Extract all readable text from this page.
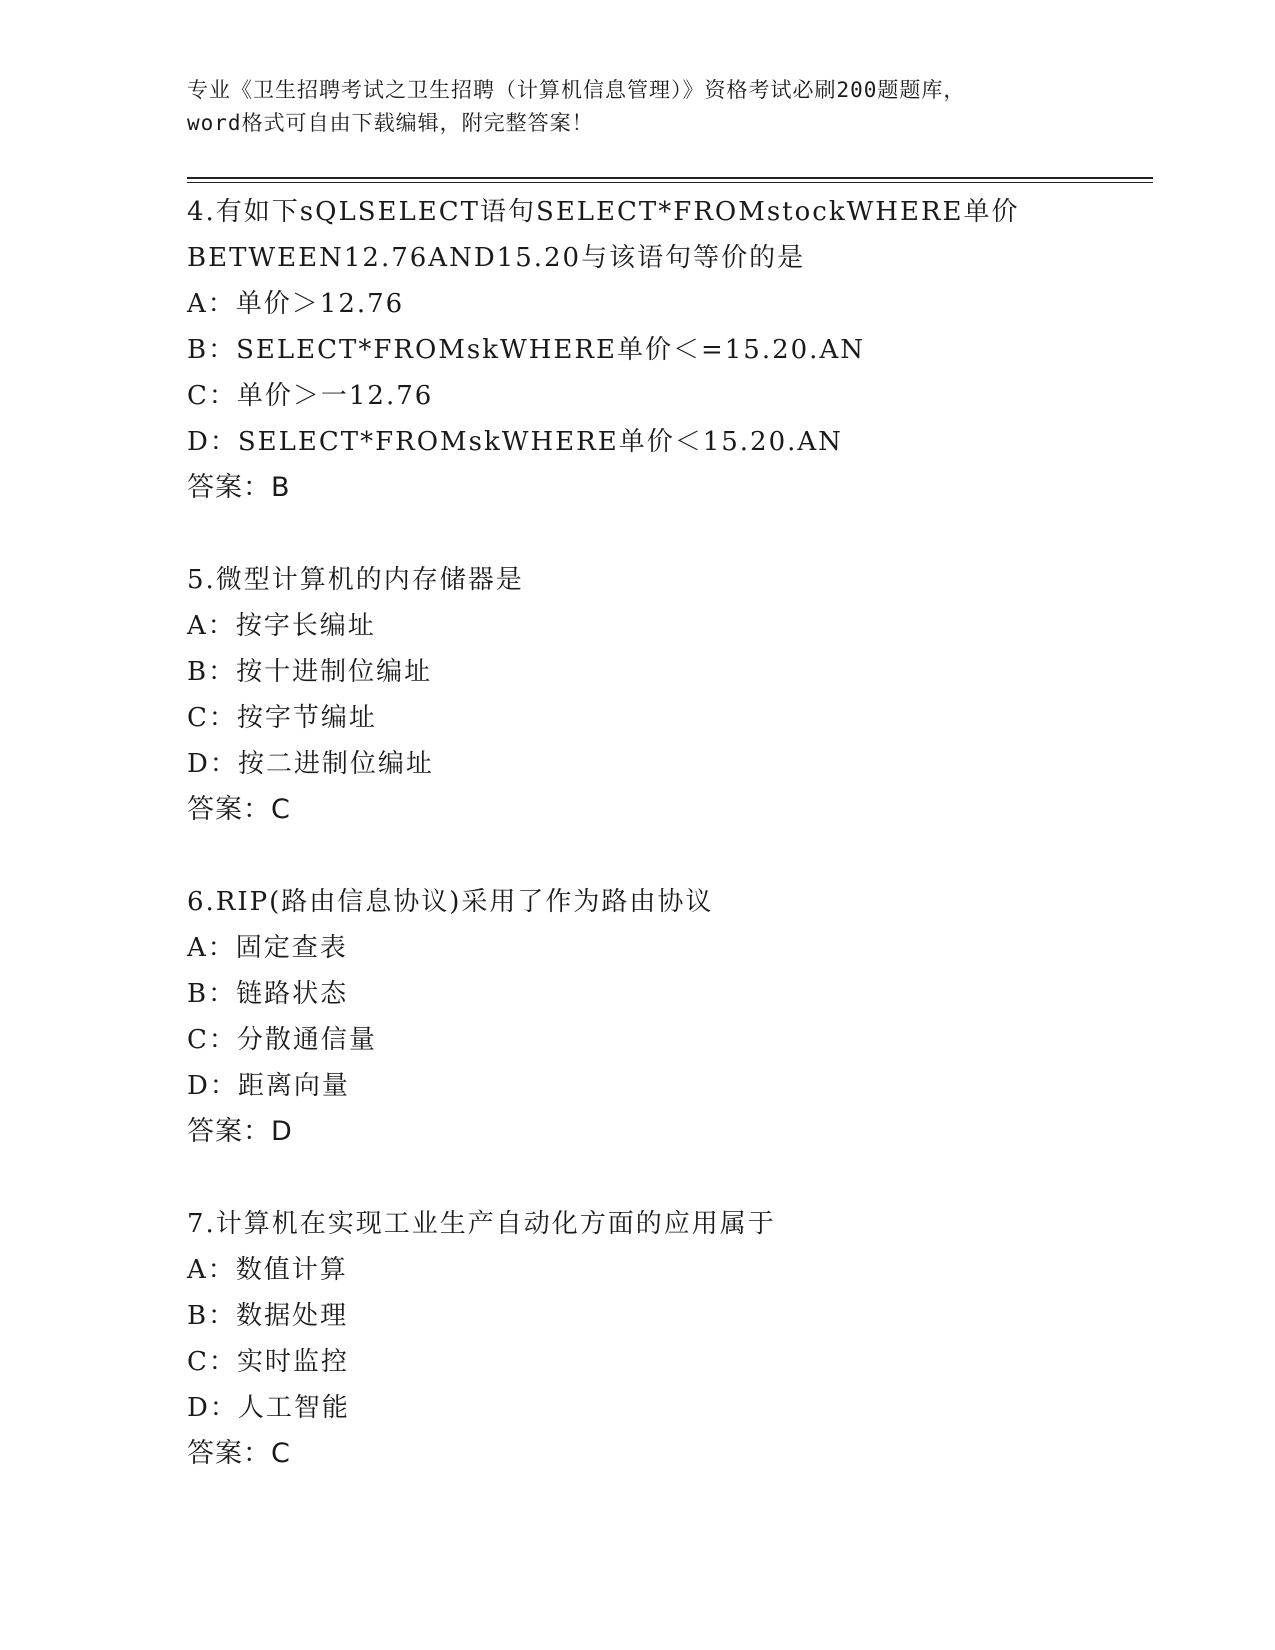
专业《卫生招聘考试之卫生招聘（计算机信息管理）》资格考试必刷200题题库，
word格式可自由下载编辑，附完整答案！
4.有如下sQLSELECT语句SELECT*FROMstockWHERE单价
BETWEEN12.76AND15.20与该语句等价的是
A：单价＞12.76
B：SELECT*FROMskWHERE单价＜=15.20.AN
C：单价＞一12.76
D：SELECT*FROMskWHERE单价＜15.20.AN
答案：B
5.微型计算机的内存储器是
A：按字长编址
B：按十进制位编址
C：按字节编址
D：按二进制位编址
答案：C
6.RIP(路由信息协议)采用了作为路由协议
A：固定查表
B：链路状态
C：分散通信量
D：距离向量
答案：D
7.计算机在实现工业生产自动化方面的应用属于
A：数值计算
B：数据处理
C：实时监控
D：人工智能
答案：C
